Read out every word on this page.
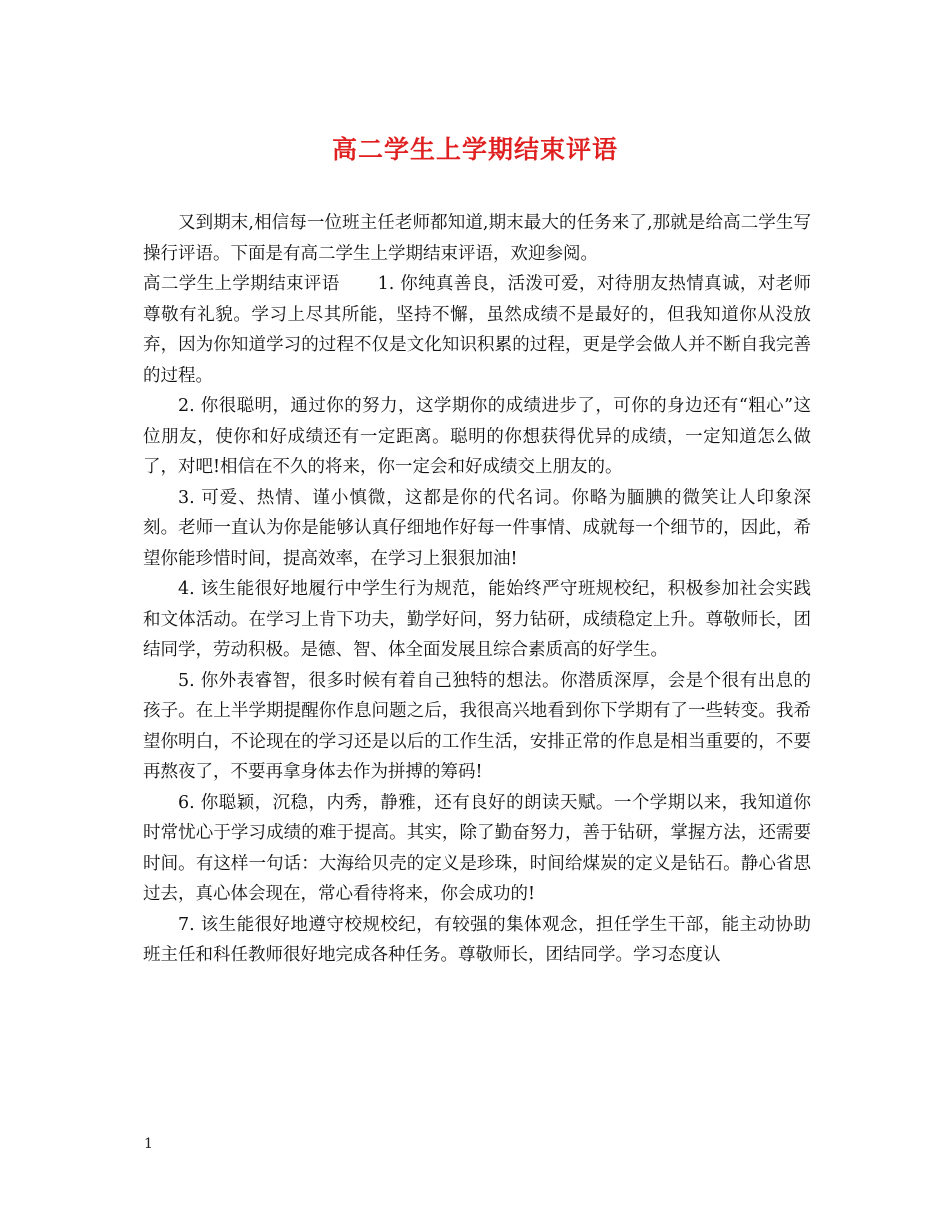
高二学生上学期结束评语

又到期末,相信每一位班主任老师都知道,期末最大的任务来了,那就是给高二学生写操行评语。下面是有高二学生上学期结束评语，欢迎参阅。

高二学生上学期结束评语 1. 你纯真善良，活泼可爱，对待朋友热情真诚，对老师尊敬有礼貌。学习上尽其所能，坚持不懈，虽然成绩不是最好的，但我知道你从没放弃，因为你知道学习的过程不仅是文化知识积累的过程，更是学会做人并不断自我完善的过程。

2. 你很聪明，通过你的努力，这学期你的成绩进步了，可你的身边还有“粗心”这位朋友，使你和好成绩还有一定距离。聪明的你想获得优异的成绩，一定知道怎么做了，对吧!相信在不久的将来，你一定会和好成绩交上朋友的。

3. 可爱、热情、谨小慎微，这都是你的代名词。你略为腼腆的微笑让人印象深刻。老师一直认为你是能够认真仔细地作好每一件事情、成就每一个细节的，因此，希望你能珍惜时间，提高效率，在学习上狠狠加油!

4. 该生能很好地履行中学生行为规范，能始终严守班规校纪，积极参加社会实践和文体活动。在学习上肯下功夫，勤学好问，努力钻研，成绩稳定上升。尊敬师长，团结同学，劳动积极。是德、智、体全面发展且综合素质高的好学生。

5. 你外表睿智，很多时候有着自己独特的想法。你潜质深厚，会是个很有出息的孩子。在上半学期提醒你作息问题之后，我很高兴地看到你下学期有了一些转变。我希望你明白，不论现在的学习还是以后的工作生活，安排正常的作息是相当重要的，不要再熬夜了，不要再拿身体去作为拼搏的筹码!

6. 你聪颖，沉稳，内秀，静雅，还有良好的朗读天赋。一个学期以来，我知道你时常忧心于学习成绩的难于提高。其实，除了勤奋努力，善于钻研，掌握方法，还需要时间。有这样一句话：大海给贝壳的定义是珍珠，时间给煤炭的定义是钻石。静心省思过去，真心体会现在，常心看待将来，你会成功的!

7. 该生能很好地遵守校规校纪，有较强的集体观念，担任学生干部，能主动协助班主任和科任教师很好地完成各种任务。尊敬师长，团结同学。学习态度认

1
